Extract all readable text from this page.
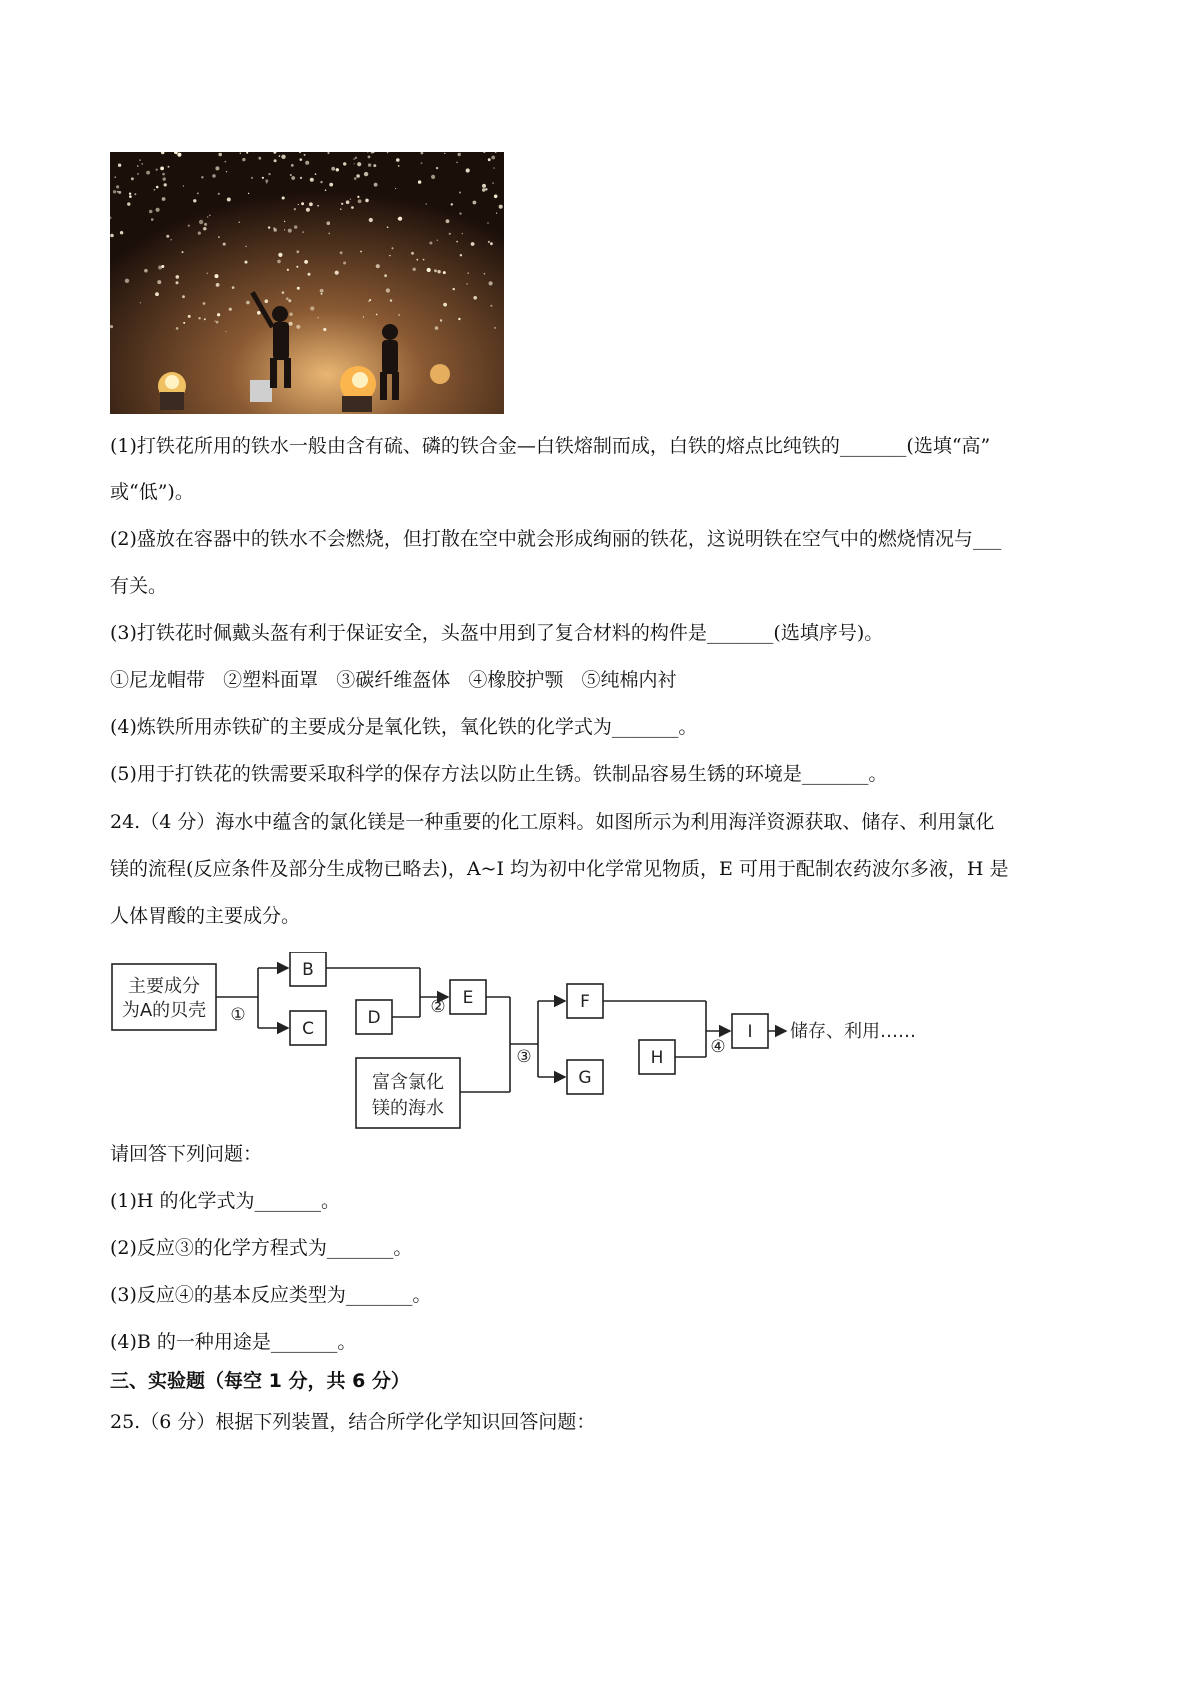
(1)打铁花所用的铁水一般由含有硫、磷的铁合金—白铁熔制而成，白铁的熔点比纯铁的_______(选填“高”
或“低”)。
(2)盛放在容器中的铁水不会燃烧，但打散在空中就会形成绚丽的铁花，这说明铁在空气中的燃烧情况与___
有关。
(3)打铁花时佩戴头盔有利于保证安全，头盔中用到了复合材料的构件是_______(选填序号)。
①尼龙帽带   ②塑料面罩   ③碳纤维盔体   ④橡胶护颚   ⑤纯棉内衬
(4)炼铁所用赤铁矿的主要成分是氧化铁，氧化铁的化学式为_______。
(5)用于打铁花的铁需要采取科学的保存方法以防止生锈。铁制品容易生锈的环境是_______。
24.（4 分）海水中蕴含的氯化镁是一种重要的化工原料。如图所示为利用海洋资源获取、储存、利用氯化
镁的流程(反应条件及部分生成物已略去)，A~I 均为初中化学常见物质，E 可用于配制农药波尔多液，H 是
人体胃酸的主要成分。
主要成分
为A的贝壳
B
C
D
E
富含氯化
镁的海水
F
G
H
I
①	②
③	④
储存、利用……
请回答下列问题：
(1)H 的化学式为_______。
(2)反应③的化学方程式为_______。
(3)反应④的基本反应类型为_______。
(4)B 的一种用途是_______。
三、实验题（每空 1 分，共 6 分）
25.（6 分）根据下列装置，结合所学化学知识回答问题：
